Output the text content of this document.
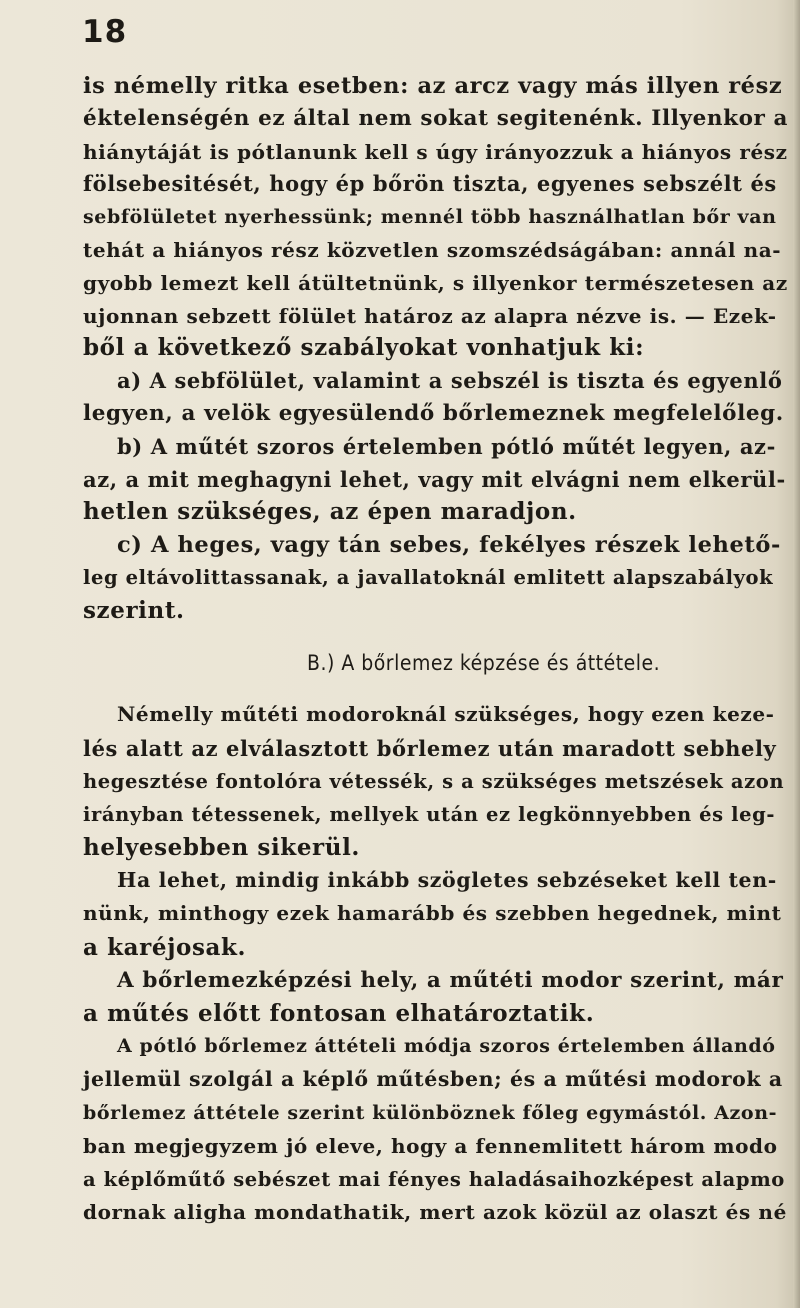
18
is némelly ritka esetben: az arcz vagy más illyen rész
éktelenségén ez által nem sokat segitenénk. Illyenkor a
hiánytáját is pótlanunk kell s úgy irányozzuk a hiányos rész
fölsebesitését, hogy ép bőrön tiszta, egyenes sebszélt és
sebfölületet nyerhessünk; mennél több használhatlan bőr van
tehát a hiányos rész közvetlen szomszédságában: annál na-
gyobb lemezt kell átültetnünk, s illyenkor természetesen az
ujonnan sebzett fölület határoz az alapra nézve is. — Ezek-
ből a következő szabályokat vonhatjuk ki:
a) A sebfölület, valamint a sebszél is tiszta és egyenlő
legyen, a velök egyesülendő bőrlemeznek megfelelőleg.
b) A műtét szoros értelemben pótló műtét legyen, az-
az, a mit meghagyni lehet, vagy mit elvágni nem elkerül-
hetlen szükséges, az épen maradjon.
c) A heges, vagy tán sebes, fekélyes részek lehető-
leg eltávolittassanak, a javallatoknál emlitett alapszabályok
szerint.
B.) A bőrlemez képzése és áttétele.
Némelly műtéti modoroknál szükséges, hogy ezen keze-
lés alatt az elválasztott bőrlemez után maradott sebhely
hegesztése fontolóra vétessék, s a szükséges metszések azon
irányban tétessenek, mellyek után ez legkönnyebben és leg-
helyesebben sikerül.
Ha lehet, mindig inkább szögletes sebzéseket kell ten-
nünk, minthogy ezek hamarább és szebben hegednek, mint
a karéjosak.
A bőrlemezképzési hely, a műtéti modor szerint, már
a műtés előtt fontosan elhatároztatik.
A pótló bőrlemez áttételi módja szoros értelemben állandó
jellemül szolgál a képlő műtésben; és a műtési modorok a
bőrlemez áttétele szerint különböznek főleg egymástól. Azon-
ban megjegyzem jó eleve, hogy a fennemlitett három modo
a képlőműtő sebészet mai fényes haladásaihozképest alapmo
dornak aligha mondathatik, mert azok közül az olaszt és né
